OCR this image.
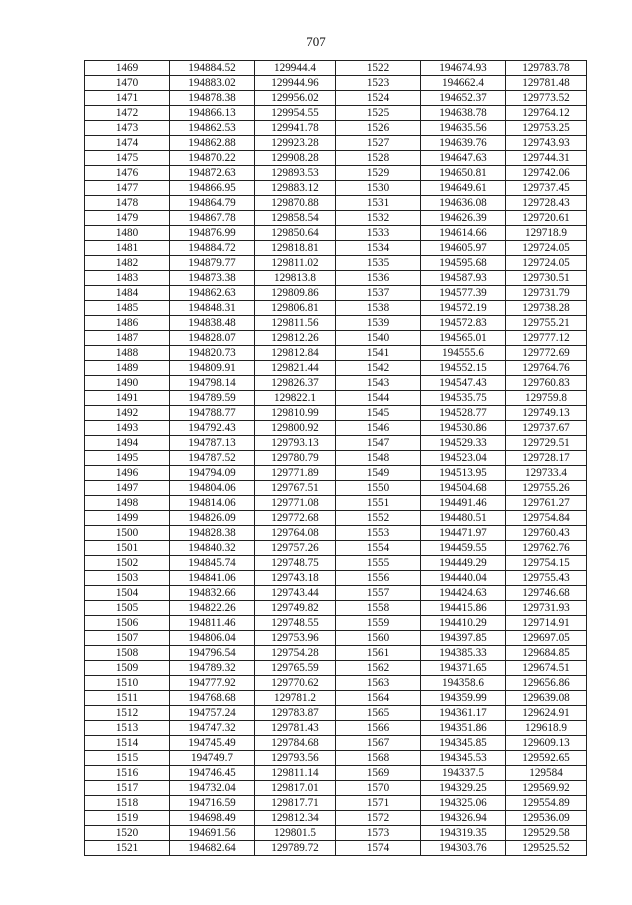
707
1469	194884.52	129944.4	1522	194674.93	129783.78
1470	194883.02	129944.96	1523	194662.4	129781.48
1471	194878.38	129956.02	1524	194652.37	129773.52
1472	194866.13	129954.55	1525	194638.78	129764.12
1473	194862.53	129941.78	1526	194635.56	129753.25
1474	194862.88	129923.28	1527	194639.76	129743.93
1475	194870.22	129908.28	1528	194647.63	129744.31
1476	194872.63	129893.53	1529	194650.81	129742.06
1477	194866.95	129883.12	1530	194649.61	129737.45
1478	194864.79	129870.88	1531	194636.08	129728.43
1479	194867.78	129858.54	1532	194626.39	129720.61
1480	194876.99	129850.64	1533	194614.66	129718.9
1481	194884.72	129818.81	1534	194605.97	129724.05
1482	194879.77	129811.02	1535	194595.68	129724.05
1483	194873.38	129813.8	1536	194587.93	129730.51
1484	194862.63	129809.86	1537	194577.39	129731.79
1485	194848.31	129806.81	1538	194572.19	129738.28
1486	194838.48	129811.56	1539	194572.83	129755.21
1487	194828.07	129812.26	1540	194565.01	129777.12
1488	194820.73	129812.84	1541	194555.6	129772.69
1489	194809.91	129821.44	1542	194552.15	129764.76
1490	194798.14	129826.37	1543	194547.43	129760.83
1491	194789.59	129822.1	1544	194535.75	129759.8
1492	194788.77	129810.99	1545	194528.77	129749.13
1493	194792.43	129800.92	1546	194530.86	129737.67
1494	194787.13	129793.13	1547	194529.33	129729.51
1495	194787.52	129780.79	1548	194523.04	129728.17
1496	194794.09	129771.89	1549	194513.95	129733.4
1497	194804.06	129767.51	1550	194504.68	129755.26
1498	194814.06	129771.08	1551	194491.46	129761.27
1499	194826.09	129772.68	1552	194480.51	129754.84
1500	194828.38	129764.08	1553	194471.97	129760.43
1501	194840.32	129757.26	1554	194459.55	129762.76
1502	194845.74	129748.75	1555	194449.29	129754.15
1503	194841.06	129743.18	1556	194440.04	129755.43
1504	194832.66	129743.44	1557	194424.63	129746.68
1505	194822.26	129749.82	1558	194415.86	129731.93
1506	194811.46	129748.55	1559	194410.29	129714.91
1507	194806.04	129753.96	1560	194397.85	129697.05
1508	194796.54	129754.28	1561	194385.33	129684.85
1509	194789.32	129765.59	1562	194371.65	129674.51
1510	194777.92	129770.62	1563	194358.6	129656.86
1511	194768.68	129781.2	1564	194359.99	129639.08
1512	194757.24	129783.87	1565	194361.17	129624.91
1513	194747.32	129781.43	1566	194351.86	129618.9
1514	194745.49	129784.68	1567	194345.85	129609.13
1515	194749.7	129793.56	1568	194345.53	129592.65
1516	194746.45	129811.14	1569	194337.5	129584
1517	194732.04	129817.01	1570	194329.25	129569.92
1518	194716.59	129817.71	1571	194325.06	129554.89
1519	194698.49	129812.34	1572	194326.94	129536.09
1520	194691.56	129801.5	1573	194319.35	129529.58
1521	194682.64	129789.72	1574	194303.76	129525.52
